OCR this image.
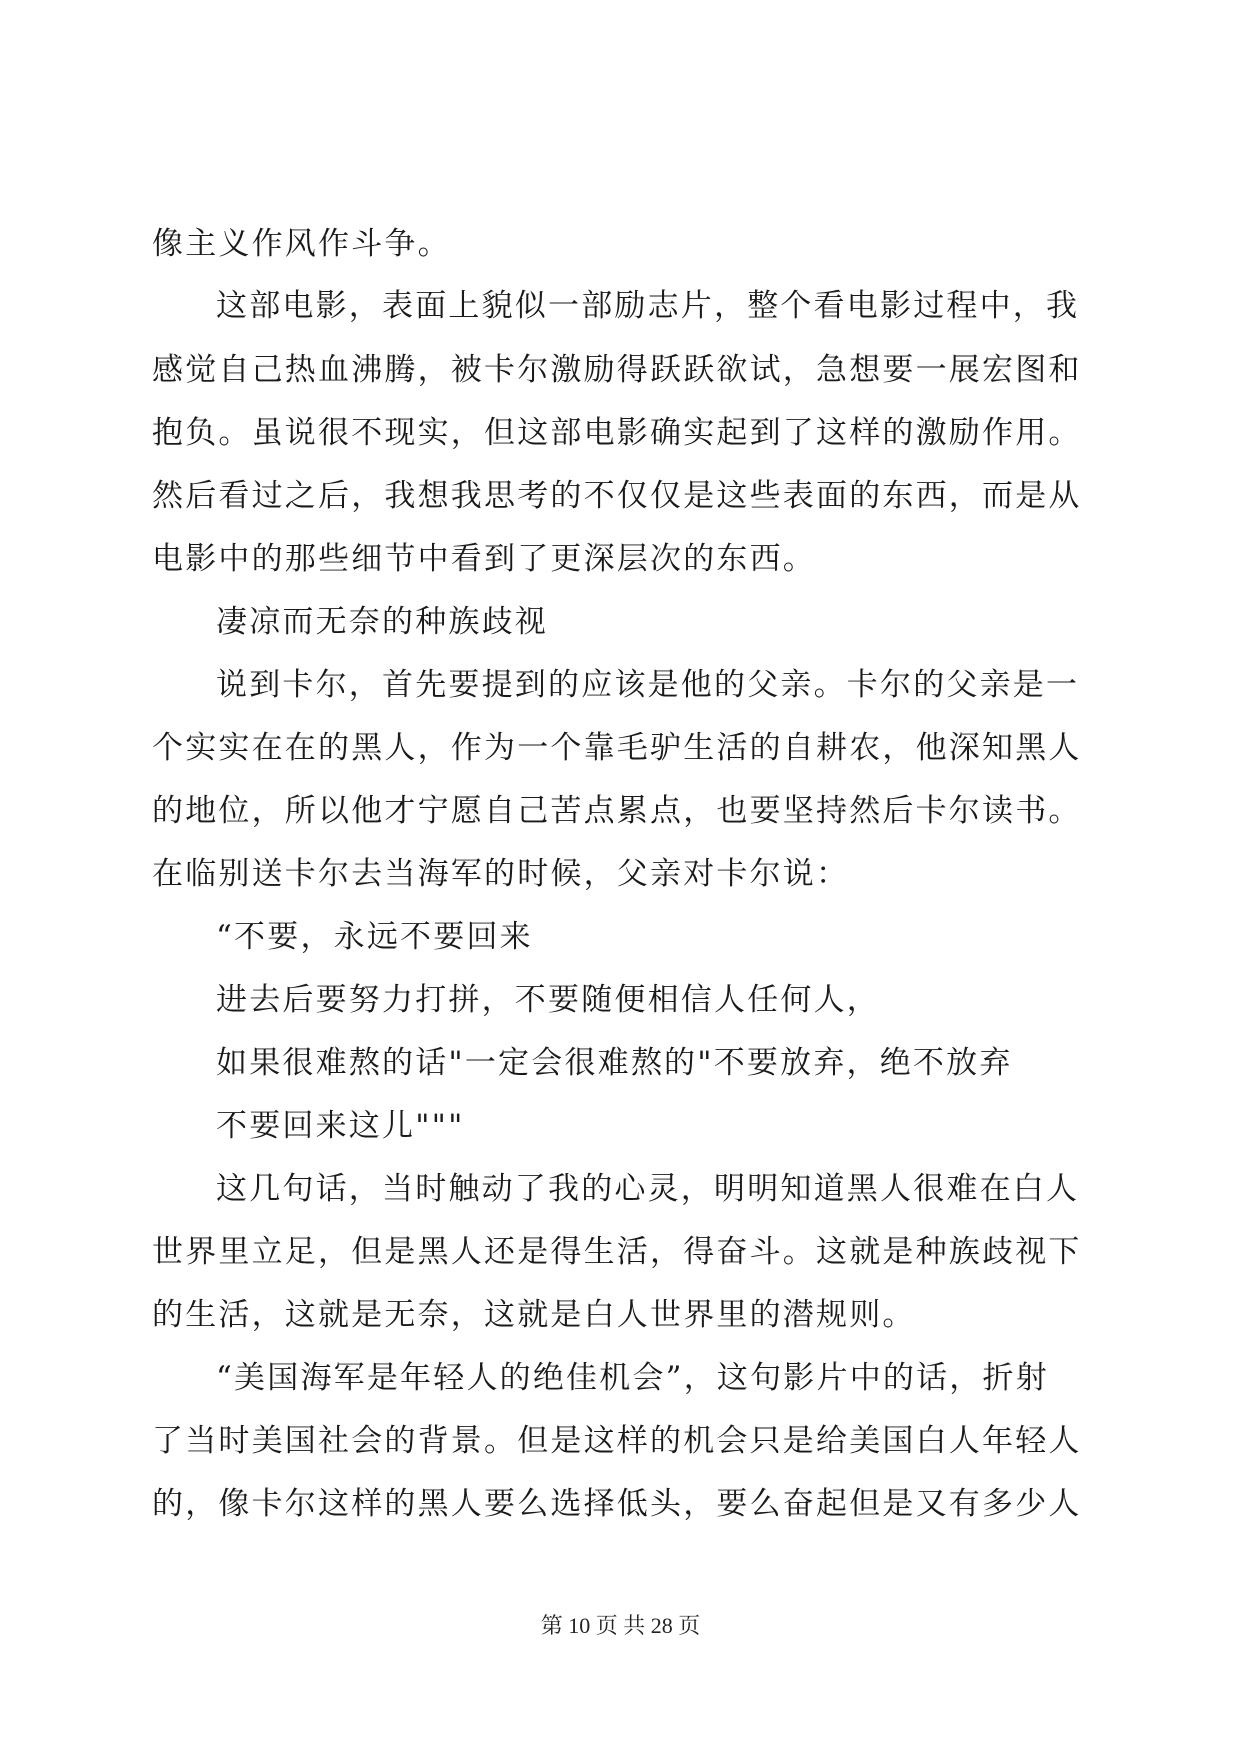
像主义作风作斗争。
这部电影，表面上貌似一部励志片，整个看电影过程中，我
感觉自己热血沸腾，被卡尔激励得跃跃欲试，急想要一展宏图和
抱负。虽说很不现实，但这部电影确实起到了这样的激励作用。
然后看过之后，我想我思考的不仅仅是这些表面的东西，而是从
电影中的那些细节中看到了更深层次的东西。
凄凉而无奈的种族歧视
说到卡尔，首先要提到的应该是他的父亲。卡尔的父亲是一
个实实在在的黑人，作为一个靠毛驴生活的自耕农，他深知黑人
的地位，所以他才宁愿自己苦点累点，也要坚持然后卡尔读书。
在临别送卡尔去当海军的时候，父亲对卡尔说：
“不要，永远不要回来
进去后要努力打拼，不要随便相信人任何人，
如果很难熬的话"一定会很难熬的"不要放弃，绝不放弃
不要回来这儿"""
这几句话，当时触动了我的心灵，明明知道黑人很难在白人
世界里立足，但是黑人还是得生活，得奋斗。这就是种族歧视下
的生活，这就是无奈，这就是白人世界里的潜规则。
“美国海军是年轻人的绝佳机会”，这句影片中的话，折射
了当时美国社会的背景。但是这样的机会只是给美国白人年轻人
的，像卡尔这样的黑人要么选择低头，要么奋起但是又有多少人
第 10 页 共 28 页
